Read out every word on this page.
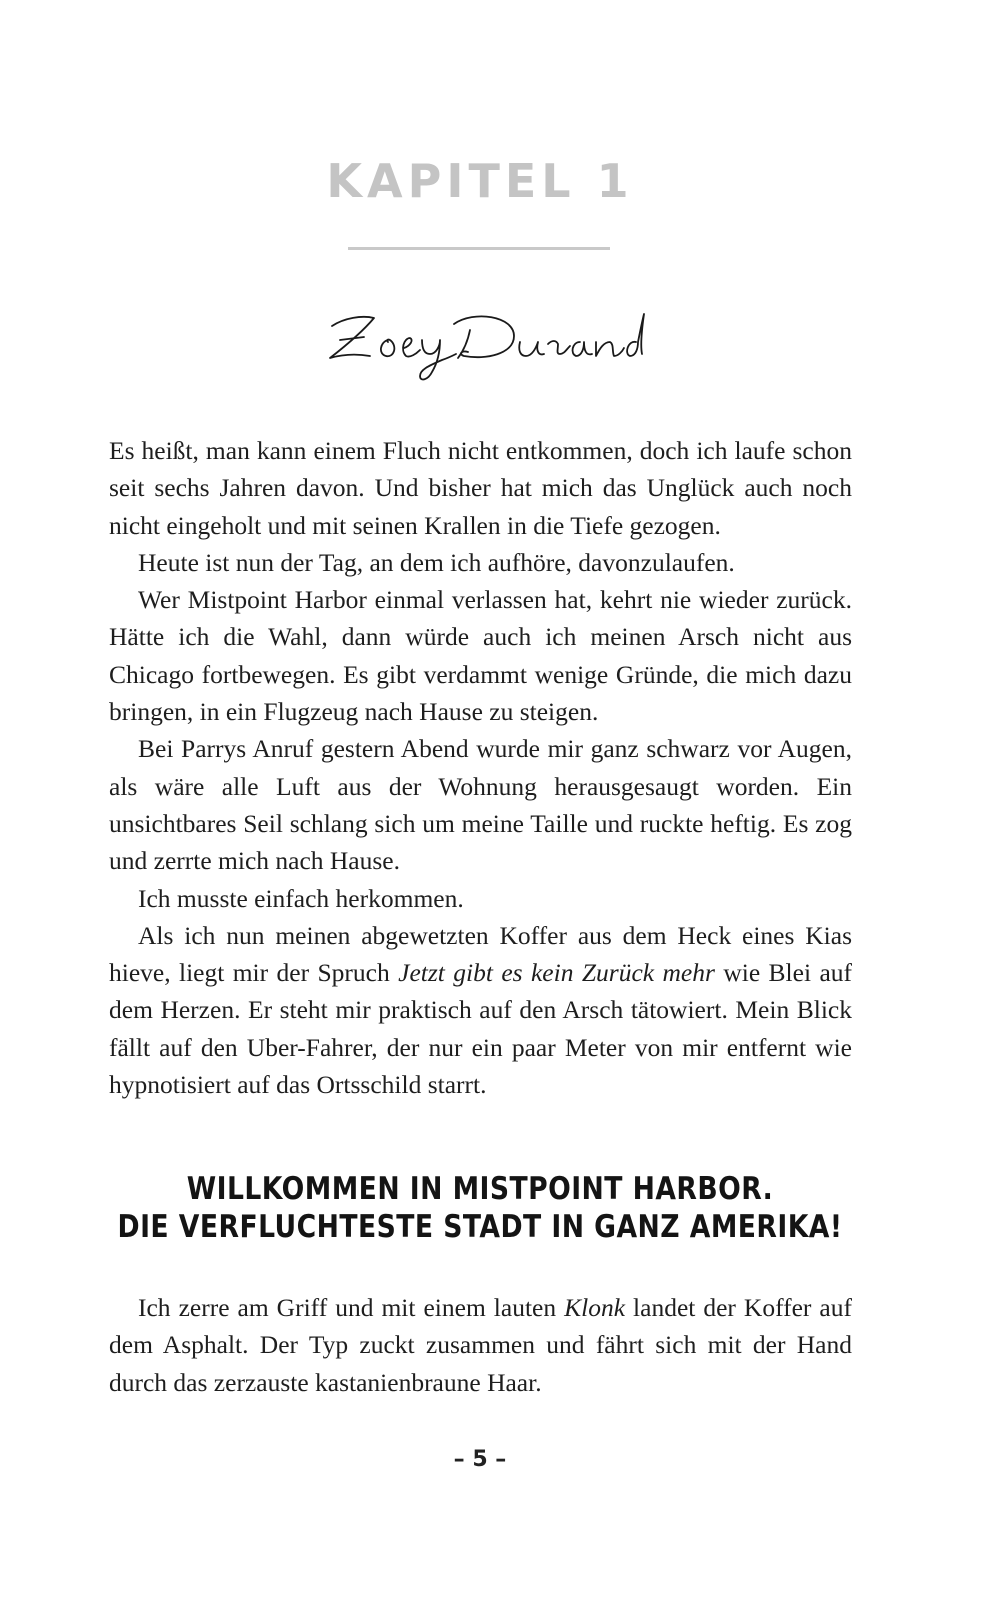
KAPITEL 1

Es heißt, man kann einem Fluch nicht entkommen, doch ich laufe schon seit sechs Jahren davon. Und bisher hat mich das Unglück auch noch nicht eingeholt und mit seinen Krallen in die Tiefe gezogen.

Heute ist nun der Tag, an dem ich aufhöre, davonzulaufen.

Wer Mistpoint Harbor einmal verlassen hat, kehrt nie wieder zurück. Hätte ich die Wahl, dann würde auch ich meinen Arsch nicht aus Chicago fortbewegen. Es gibt verdammt wenige Gründe, die mich dazu bringen, in ein Flugzeug nach Hause zu steigen.

Bei Parrys Anruf gestern Abend wurde mir ganz schwarz vor Augen, als wäre alle Luft aus der Wohnung herausgesaugt worden. Ein unsichtbares Seil schlang sich um meine Taille und ruckte heftig. Es zog und zerrte mich nach Hause.

Ich musste einfach herkommen.

Als ich nun meinen abgewetzten Koffer aus dem Heck eines Kias hieve, liegt mir der Spruch Jetzt gibt es kein Zurück mehr wie Blei auf dem Herzen. Er steht mir praktisch auf den Arsch tätowiert. Mein Blick fällt auf den Uber-Fahrer, der nur ein paar Meter von mir entfernt wie hypnotisiert auf das Ortsschild starrt.

WILLKOMMEN IN MISTPOINT HARBOR.
DIE VERFLUCHTESTE STADT IN GANZ AMERIKA!

Ich zerre am Griff und mit einem lauten Klonk landet der Koffer auf dem Asphalt. Der Typ zuckt zusammen und fährt sich mit der Hand durch das zerzauste kastanienbraune Haar.

– 5 –
